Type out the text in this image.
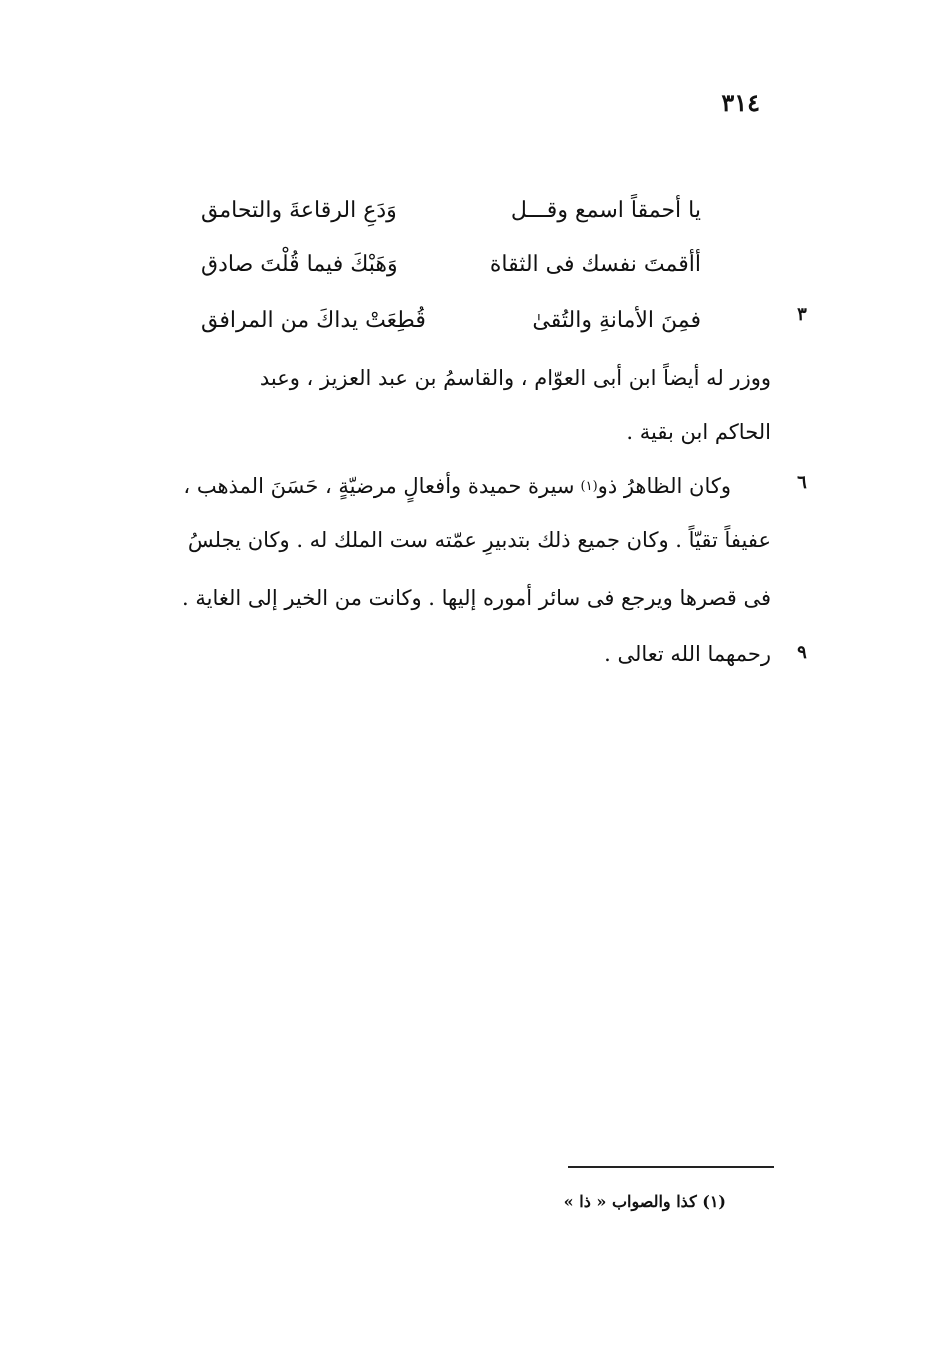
٣١٤
يا أحمقاً اسمع وقـــل
وَدَعِ الرقاعةَ والتحامق
أأقمتَ نفسك فى الثقاة
وَهَبْكَ فيما قُلْتَ صادق
فمِنَ الأمانةِ والتُقىٰ
قُطِعَتْ يداكَ من المرافق	٣
ووزر له أيضاً ابن أبى العوّام ، والقاسمُ بن عبد العزيز ، وعبد
الحاكم ابن بقية .
وكان الظاهرُ ذو
(١)
سيرة حميدة وأفعالٍ مرضيّةٍ ، حَسَنَ المذهب ،
عفيفاً تقيّاً . وكان جميع ذلك بتدبيرِ عمّته ست الملك له . وكان يجلسُ
فى قصرها ويرجع فى سائر أموره إليها . وكانت من الخير إلى الغاية .
رحمهما الله تعالى .
٦
٩
(١) كذا والصواب « ذا »
